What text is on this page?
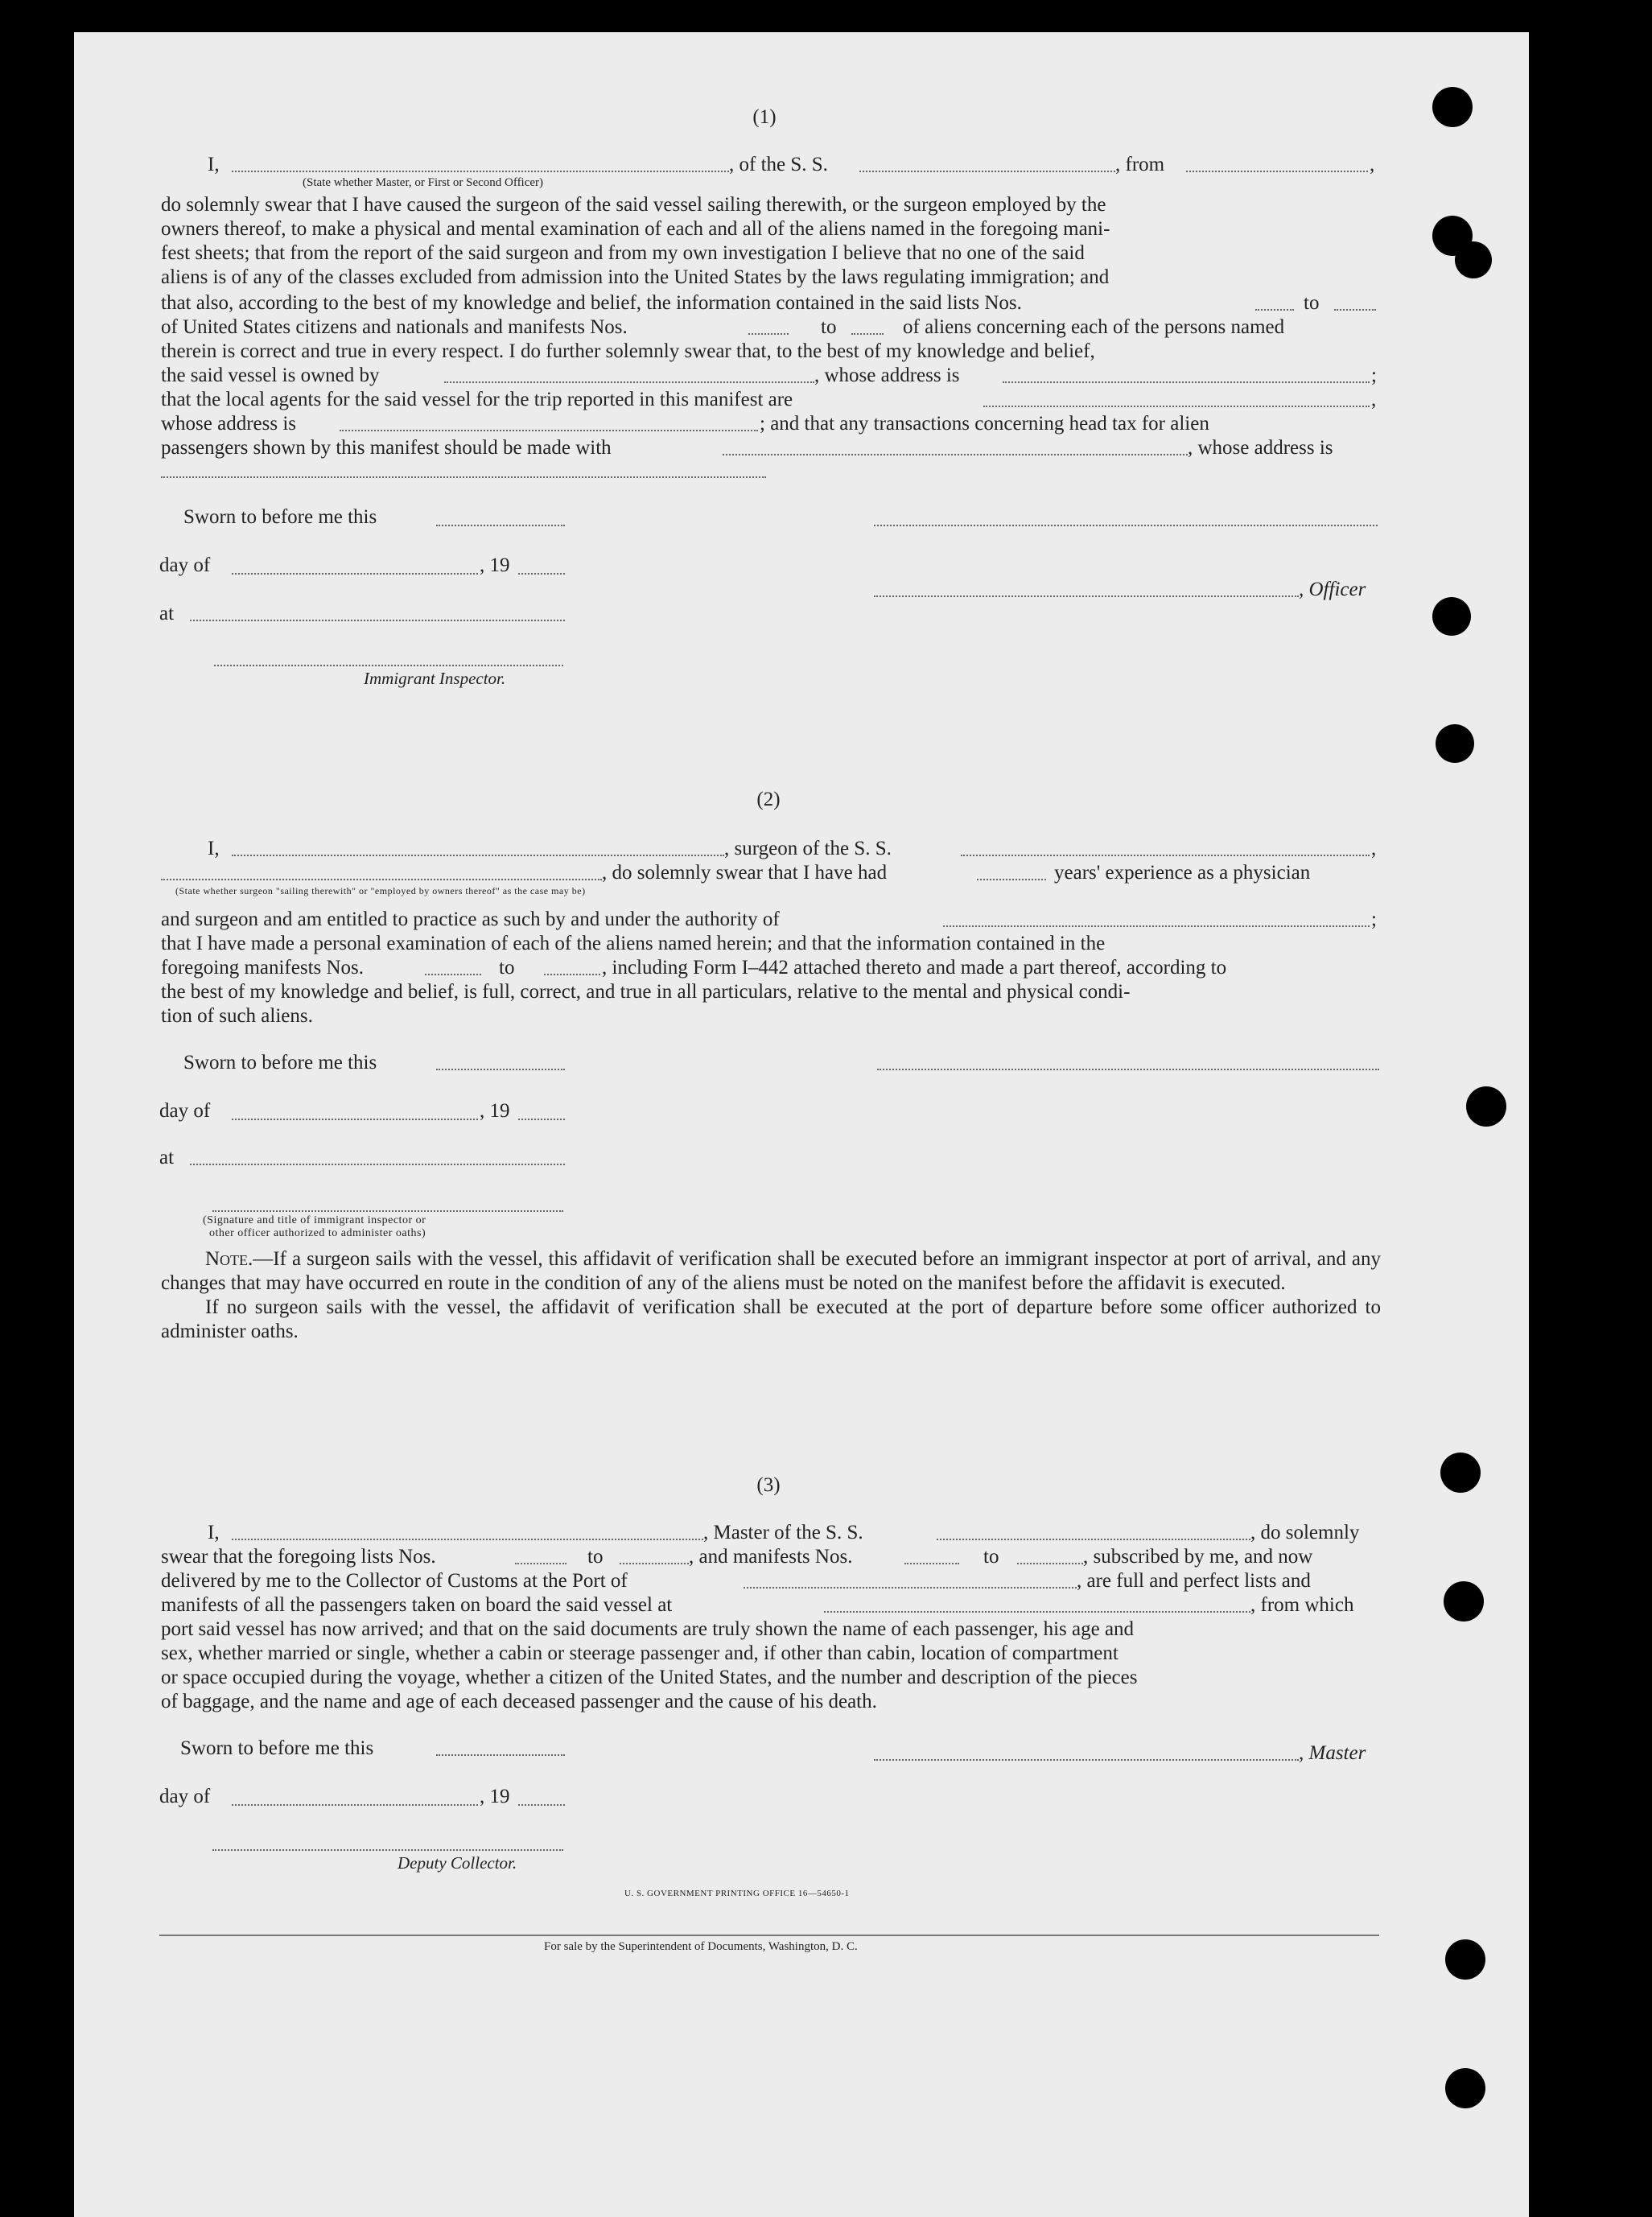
(1)
I,	, of the S. S.	, from	,
(State whether Master, or First or Second Officer)

do solemnly swear that I have caused the surgeon of the said vessel sailing therewith, or the surgeon employed by the

owners thereof, to make a physical and mental examination of each and all of the aliens named in the foregoing mani-

fest sheets; that from the report of the said surgeon and from my own investigation I believe that no one of the said

aliens is of any of the classes excluded from admission into the United States by the laws regulating immigration; and

that also, according to the best of my knowledge and belief, the information contained in the said lists Nos.	to
of United States citizens and nationals and manifests Nos.	to	of aliens concerning each of the persons named

therein is correct and true in every respect. I do further solemnly swear that, to the best of my knowledge and belief,

the said vessel is owned by	, whose address is	;
that the local agents for the said vessel for the trip reported in this manifest are	,
whose address is	; and that any transactions concerning head tax for alien
passengers shown by this manifest should be made with	, whose address is
Sworn to before me this
day of	, 19
, Officer
at
Immigrant Inspector.
(2)
I,	, surgeon of the S. S.	,
, do solemnly swear that I have had	years' experience as a physician
(State whether surgeon "sailing therewith" or "employed by owners thereof" as the case may be)
and surgeon and am entitled to practice as such by and under the authority of	;

that I have made a personal examination of each of the aliens named herein; and that the information contained in the

foregoing manifests Nos.	to	, including Form I–442 attached thereto and made a part thereof, according to

the best of my knowledge and belief, is full, correct, and true in all particulars, relative to the mental and physical condi-

tion of such aliens.

Sworn to before me this
day of	, 19
at
(Signature and title of immigrant inspector or
other officer authorized to administer oaths)

Note.—If a surgeon sails with the vessel, this affidavit of verification shall be executed before an immigrant inspector at port of arrival, and any changes that may have occurred en route in the condition of any of the aliens must be noted on the manifest before the affidavit is executed.

If no surgeon sails with the vessel, the affidavit of verification shall be executed at the port of departure before some officer authorized to administer oaths.

(3)
I,	, Master of the S. S.	, do solemnly
swear that the foregoing lists Nos.	to	, and manifests Nos.	to	, subscribed by me, and now
delivered by me to the Collector of Customs at the Port of	, are full and perfect lists and
manifests of all the passengers taken on board the said vessel at	, from which

port said vessel has now arrived; and that on the said documents are truly shown the name of each passenger, his age and

sex, whether married or single, whether a cabin or steerage passenger and, if other than cabin, location of compartment

or space occupied during the voyage, whether a citizen of the United States, and the number and description of the pieces

of baggage, and the name and age of each deceased passenger and the cause of his death.

Sworn to before me this	, Master
day of	, 19
Deputy Collector.
U. S. GOVERNMENT PRINTING OFFICE 16—54650-1
For sale by the Superintendent of Documents, Washington, D. C.
